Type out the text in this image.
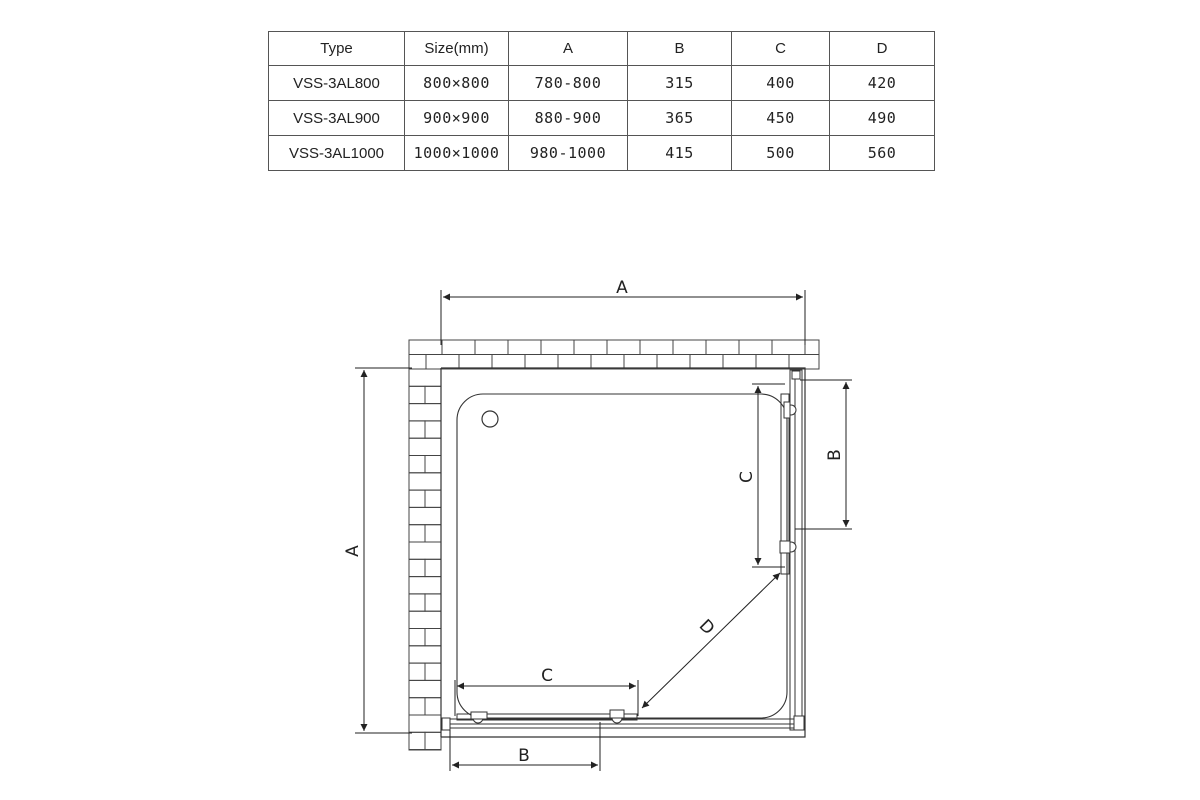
Type	Size(mm)	A	B	C	D
VSS-3AL800	800×800	780-800	315	400	420
VSS-3AL900	900×900	880-900	365	450	490
VSS-3AL1000	1000×1000	980-1000	415	500	560
A
A
B
B
C
C
D
